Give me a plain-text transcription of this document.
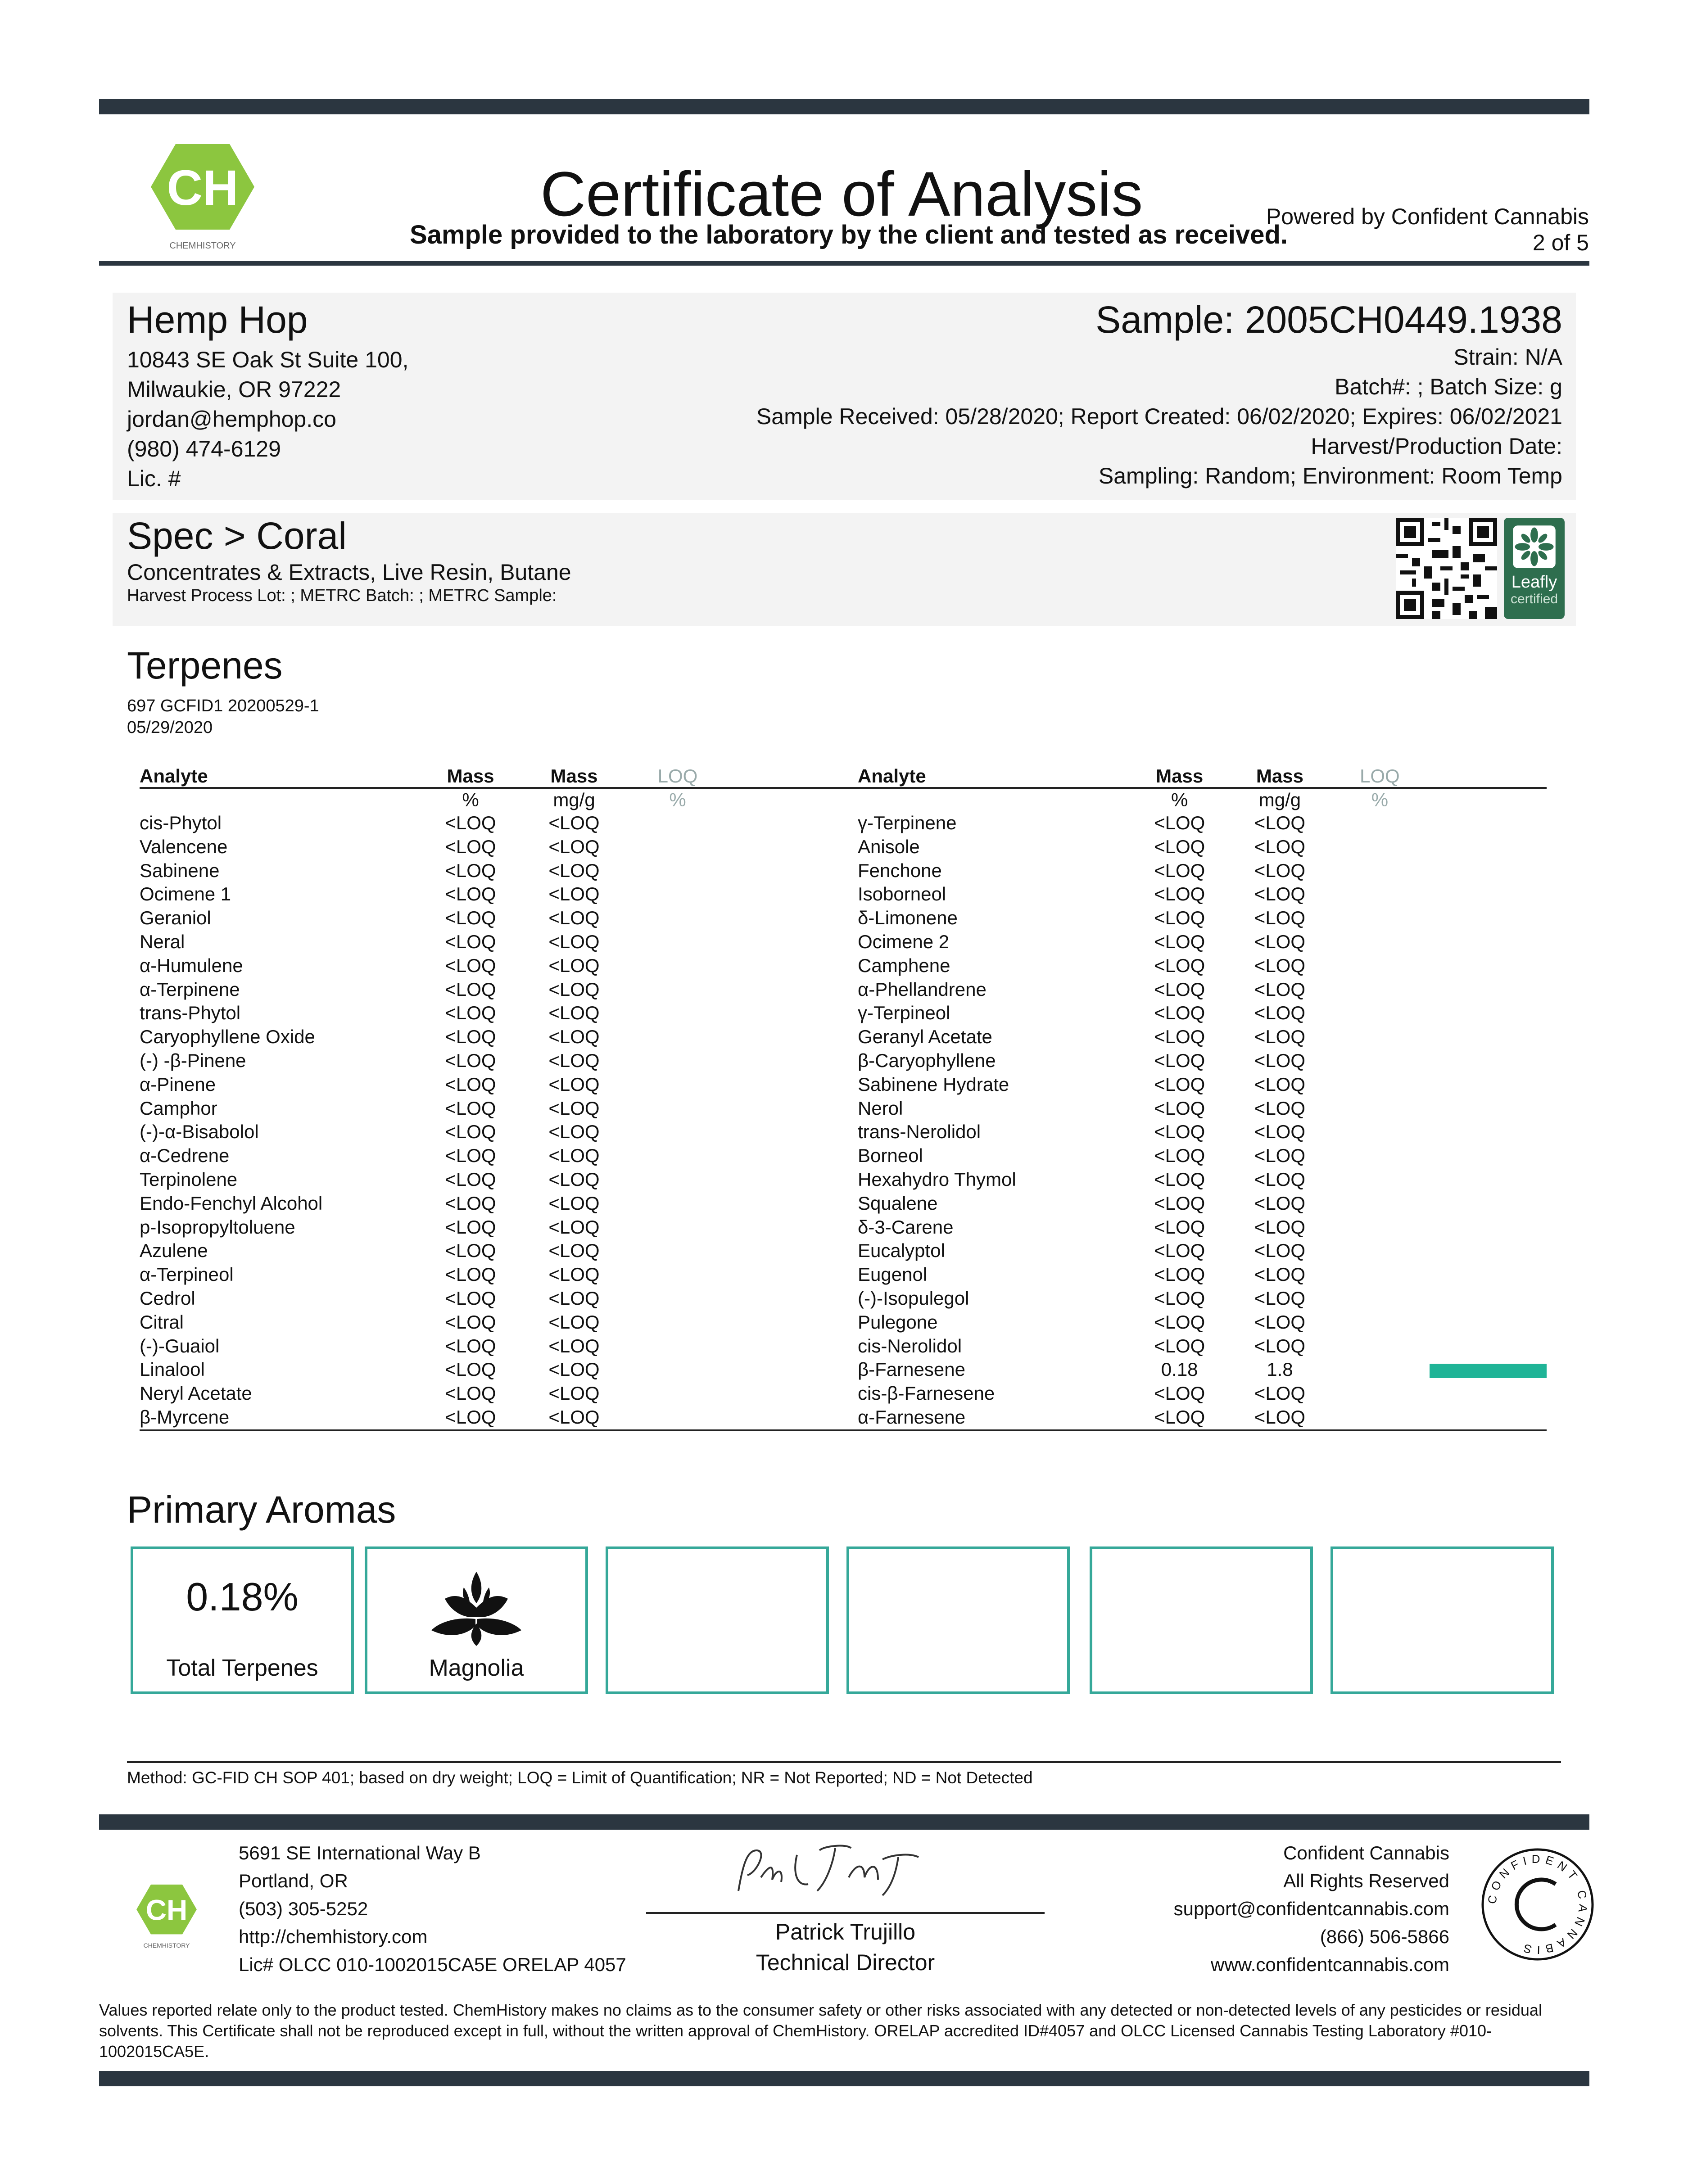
CH
CHEMHISTORY
Certificate of Analysis
Sample provided to the laboratory by the client and tested as received.
Powered by Confident Cannabis
2 of 5
Hemp Hop
10843 SE Oak St Suite 100,
Milwaukie, OR 97222
jordan@hemphop.co
(980) 474-6129
Lic. #
Sample: 2005CH0449.1938
Strain: N/A
Batch#: ; Batch Size: g
Sample Received: 05/28/2020; Report Created: 06/02/2020; Expires: 06/02/2021
Harvest/Production Date:
Sampling: Random; Environment: Room Temp
Spec > Coral
Concentrates & Extracts, Live Resin, Butane
Harvest Process Lot: ; METRC Batch: ; METRC Sample:
Leafly
certified
Terpenes
697 GCFID1 20200529-1
05/29/2020
Analyte	Mass	Mass	LOQ	
	%	mg/g	%	
cis-Phytol	<LOQ	<LOQ		
Valencene	<LOQ	<LOQ		
Sabinene	<LOQ	<LOQ		
Ocimene 1	<LOQ	<LOQ		
Geraniol	<LOQ	<LOQ		
Neral	<LOQ	<LOQ		
α-Humulene	<LOQ	<LOQ		
α-Terpinene	<LOQ	<LOQ		
trans-Phytol	<LOQ	<LOQ		
Caryophyllene Oxide	<LOQ	<LOQ		
(-) -β-Pinene	<LOQ	<LOQ		
α-Pinene	<LOQ	<LOQ		
Camphor	<LOQ	<LOQ		
(-)-α-Bisabolol	<LOQ	<LOQ		
α-Cedrene	<LOQ	<LOQ		
Terpinolene	<LOQ	<LOQ		
Endo-Fenchyl Alcohol	<LOQ	<LOQ		
p-Isopropyltoluene	<LOQ	<LOQ		
Azulene	<LOQ	<LOQ		
α-Terpineol	<LOQ	<LOQ		
Cedrol	<LOQ	<LOQ		
Citral	<LOQ	<LOQ		
(-)-Guaiol	<LOQ	<LOQ		
Linalool	<LOQ	<LOQ		
Neryl Acetate	<LOQ	<LOQ		
β-Myrcene	<LOQ	<LOQ		

Analyte	Mass	Mass	LOQ	
	%	mg/g	%	
γ-Terpinene	<LOQ	<LOQ		
Anisole	<LOQ	<LOQ		
Fenchone	<LOQ	<LOQ		
Isoborneol	<LOQ	<LOQ		
δ-Limonene	<LOQ	<LOQ		
Ocimene 2	<LOQ	<LOQ		
Camphene	<LOQ	<LOQ		
α-Phellandrene	<LOQ	<LOQ		
γ-Terpineol	<LOQ	<LOQ		
Geranyl Acetate	<LOQ	<LOQ		
β-Caryophyllene	<LOQ	<LOQ		
Sabinene Hydrate	<LOQ	<LOQ		
Nerol	<LOQ	<LOQ		
trans-Nerolidol	<LOQ	<LOQ		
Borneol	<LOQ	<LOQ		
Hexahydro Thymol	<LOQ	<LOQ		
Squalene	<LOQ	<LOQ		
δ-3-Carene	<LOQ	<LOQ		
Eucalyptol	<LOQ	<LOQ		
Eugenol	<LOQ	<LOQ		
(-)-Isopulegol	<LOQ	<LOQ		
Pulegone	<LOQ	<LOQ		
cis-Nerolidol	<LOQ	<LOQ		
β-Farnesene	0.18	1.8		
cis-β-Farnesene	<LOQ	<LOQ		
α-Farnesene	<LOQ	<LOQ		

Primary Aromas
0.18%
Total Terpenes	Magnolia
Method: GC-FID CH SOP 401; based on dry weight; LOQ = Limit of Quantification; NR = Not Reported; ND = Not Detected
CH
CHEMHISTORY
5691 SE International Way B
Portland, OR
(503) 305-5252
http://chemhistory.com
Lic# OLCC 010-1002015CA5E ORELAP 4057
Patrick Trujillo
Technical Director
Confident Cannabis
All Rights Reserved
support@confidentcannabis.com
(866) 506-5866
www.confidentcannabis.com
CONFIDENT CANNABIS
Values reported relate only to the product tested. ChemHistory makes no claims as to the consumer safety or other risks associated with any detected or non-detected levels of any pesticides or residual solvents. This Certificate shall not be reproduced except in full, without the written approval of ChemHistory. ORELAP accredited ID#4057 and OLCC Licensed Cannabis Testing Laboratory #010-1002015CA5E.
